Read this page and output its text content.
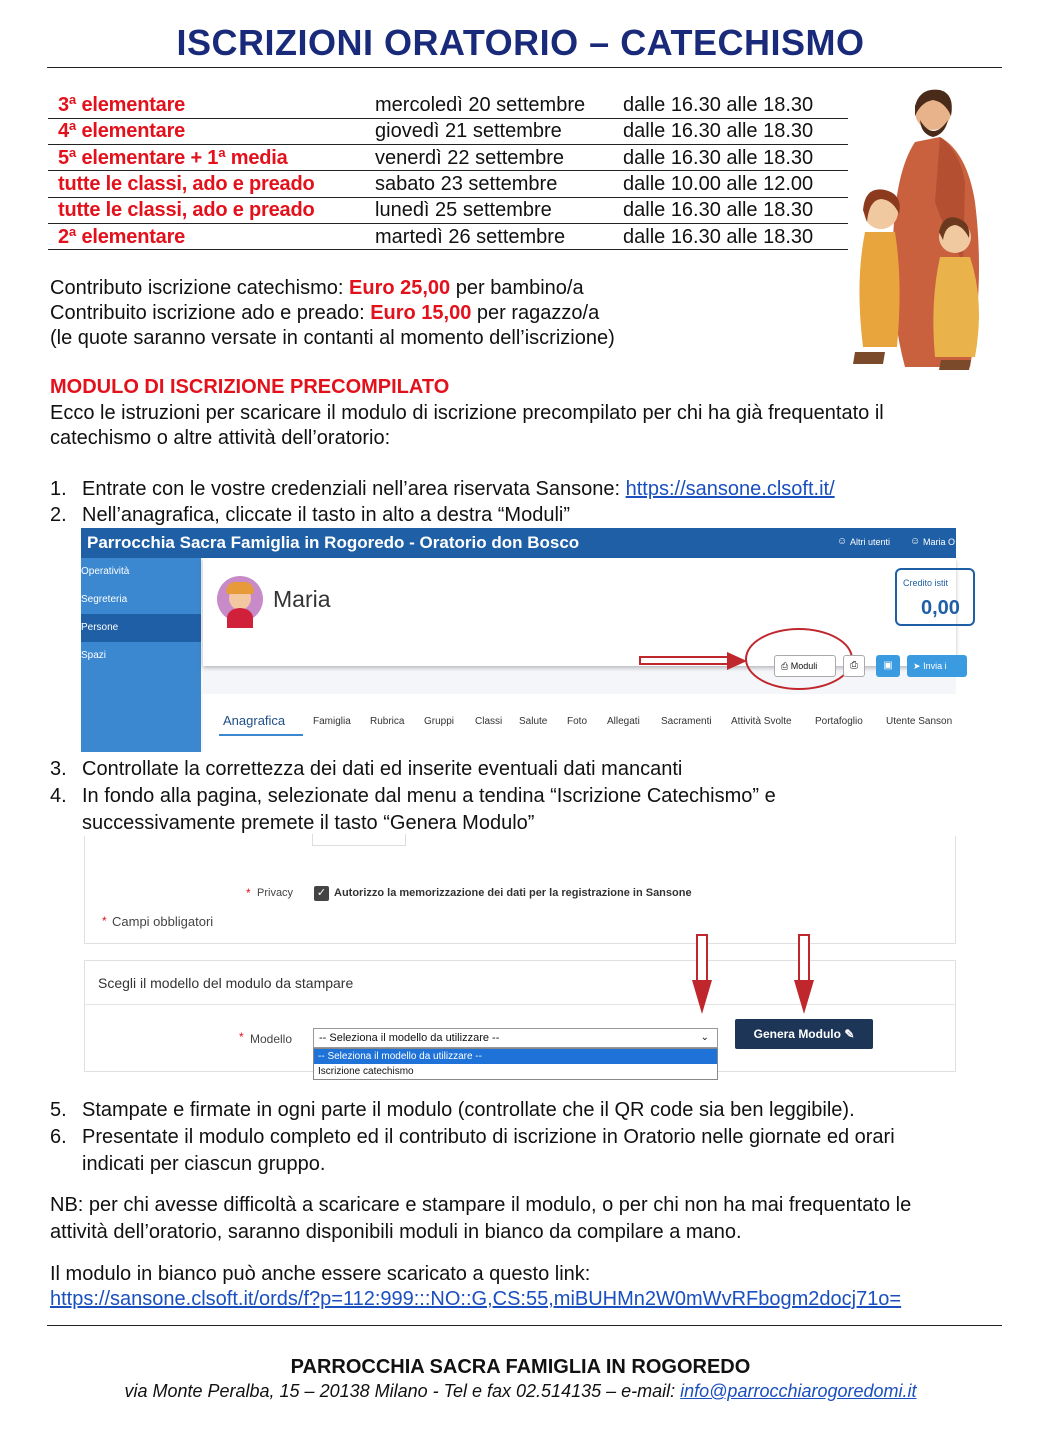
ISCRIZIONI ORATORIO – CATECHISMO
3ª elementare	mercoledì 20 settembre	dalle 16.30 alle 18.30
4ª elementare	giovedì 21 settembre	dalle 16.30 alle 18.30
5ª elementare + 1ª media	venerdì 22 settembre	dalle 16.30 alle 18.30
tutte le classi, ado e preado	sabato 23 settembre	dalle 10.00 alle 12.00
tutte le classi, ado e preado	lunedì 25 settembre	dalle 16.30 alle 18.30
2ª elementare	martedì 26 settembre	dalle 16.30 alle 18.30
Contributo iscrizione catechismo: Euro 25,00 per bambino/a
Contribuito iscrizione ado e preado: Euro 15,00 per ragazzo/a
(le quote saranno versate in contanti al momento dell’iscrizione)
MODULO DI ISCRIZIONE PRECOMPILATO
Ecco le istruzioni per scaricare il modulo di iscrizione precompilato per chi ha già frequentato il
catechismo o altre attività dell’oratorio:
1. Entrate con le vostre credenziali nell’area riservata Sansone: https://sansone.clsoft.it/
2. Nell’anagrafica, cliccate il tasto in alto a destra “Moduli”
Parrocchia Sacra Famiglia in Rogoredo - Oratorio don Bosco	☺ Altri utenti ☺ Maria O
Operatività
Segreteria
Persone
Spazi
Maria
Credito istit
0,00
⎙ Moduli	⎙	▣	➤ Invia i
Anagrafica	Famiglia Rubrica Gruppi Classi Salute Foto Allegati Sacramenti Attività Svolte Portafoglio Utente Sanson
3. Controllate la correttezza dei dati ed inserite eventuali dati mancanti
4. In fondo alla pagina, selezionate dal menu a tendina “Iscrizione Catechismo” e
successivamente premete il tasto “Genera Modulo”
* Privacy ✓ Autorizzo la memorizzazione dei dati per la registrazione in Sansone
* Campi obbligatori
Scegli il modello del modulo da stampare
* Modello	-- Seleziona il modello da utilizzare --	⌄
-- Seleziona il modello da utilizzare --
Iscrizione catechismo
Genera Modulo ✎
5. Stampate e firmate in ogni parte il modulo (controllate che il QR code sia ben leggibile).
6. Presentate il modulo completo ed il contributo di iscrizione in Oratorio nelle giornate ed orari
indicati per ciascun gruppo.
NB: per chi avesse difficoltà a scaricare e stampare il modulo, o per chi non ha mai frequentato le
attività dell’oratorio, saranno disponibili moduli in bianco da compilare a mano.
Il modulo in bianco può anche essere scaricato a questo link:
https://sansone.clsoft.it/ords/f?p=112:999:::NO::G,CS:55,miBUHMn2W0mWvRFbogm2docj71o=
PARROCCHIA SACRA FAMIGLIA IN ROGOREDO
via Monte Peralba, 15 – 20138 Milano - Tel e fax 02.514135 – e-mail: info@parrocchiarogoredomi.it
